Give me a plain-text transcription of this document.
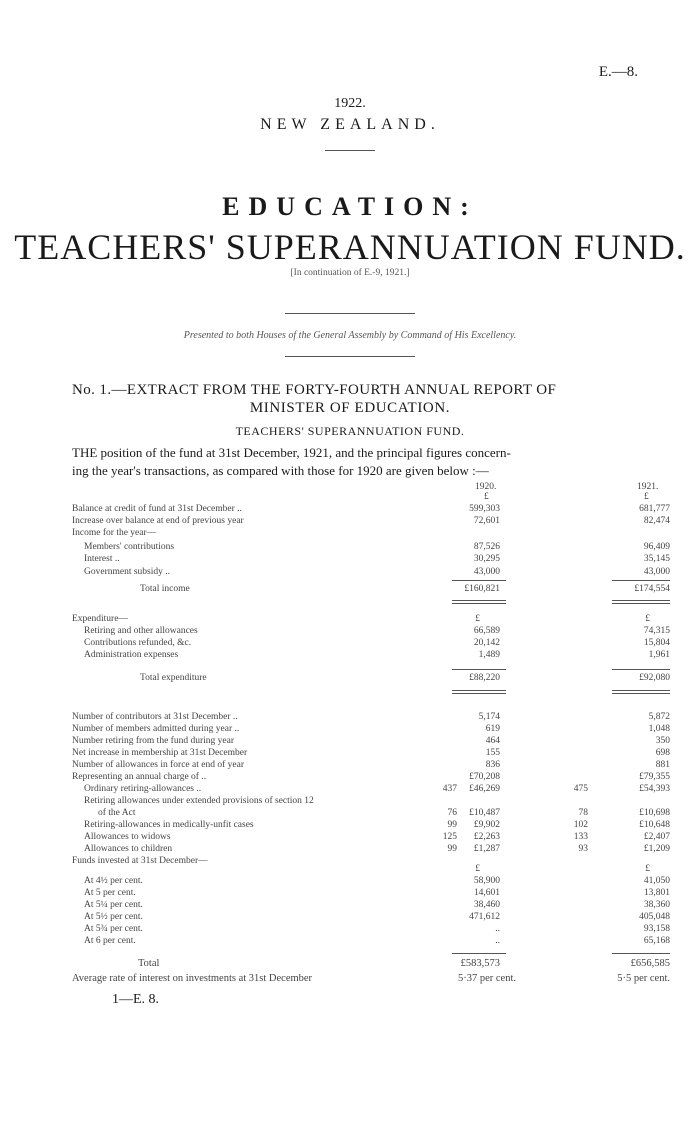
E.—8.
1922.
NEW ZEALAND.
EDUCATION:
TEACHERS' SUPERANNUATION FUND.
[In continuation of E.-9, 1921.]
Presented to both Houses of the General Assembly by Command of His Excellency.
No. 1.—EXTRACT FROM THE FORTY-FOURTH ANNUAL REPORT OF
MINISTER OF EDUCATION.
TEACHERS' SUPERANNUATION FUND.
THE position of the fund at 31st December, 1921, and the principal figures concern-
ing the year's transactions, as compared with those for 1920 are given below :—
1920.	1921.
£	£
Balance at credit of fund at 31st December ..	599,303	681,777
Increase over balance at end of previous year	72,601	82,474
Income for the year—
Members' contributions	87,526	96,409
Interest ..	30,295	35,145
Government subsidy ..	43,000	43,000
Total income	£160,821	£174,554
Expenditure—	£	£
Retiring and other allowances	66,589	74,315
Contributions refunded, &c.	20,142	15,804
Administration expenses	1,489	1,961
Total expenditure	£88,220	£92,080
Number of contributors at 31st December ..	5,174	5,872
Number of members admitted during year ..	619	1,048
Number retiring from the fund during year	464	350
Net increase in membership at 31st December	155	698
Number of allowances in force at end of year	836	881
Representing an annual charge of ..	£70,208	£79,355
Ordinary retiring-allowances ..	437 £46,269	475	£54,393
Retiring allowances under extended provisions of section 12
of the Act	76 £10,487	78	£10,698
Retiring-allowances in medically-unfit cases	99 £9,902	102	£10,648
Allowances to widows	125 £2,263	133	£2,407
Allowances to children	99 £1,287	93	£1,209
Funds invested at 31st December—
£	£
At 4½ per cent.	58,900	41,050
At 5 per cent.	14,601	13,801
At 5¼ per cent.	38,460	38,360
At 5½ per cent.	471,612	405,048
At 5¾ per cent.	..	93,158
At 6 per cent.	..	65,168
Total	£583,573	£656,585
Average rate of interest on investments at 31st December	5·37 per cent.	5·5 per cent.
1—E. 8.
